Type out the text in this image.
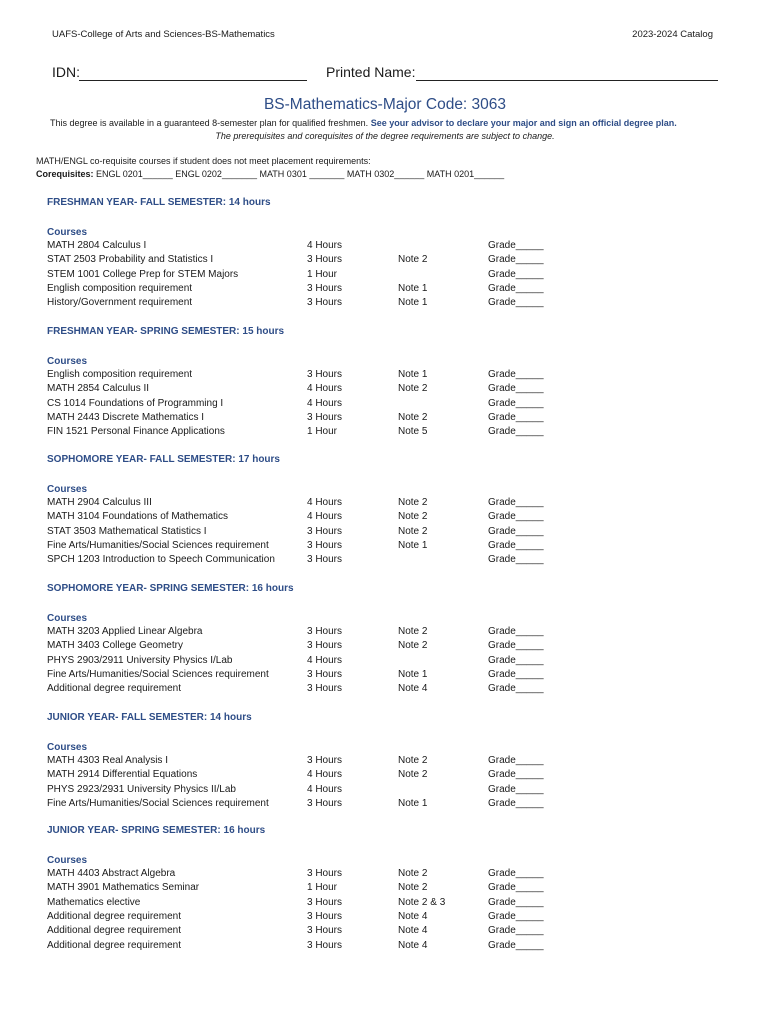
UAFS-College of Arts and Sciences-BS-Mathematics	2023-2024 Catalog
IDN:	Printed Name:
BS-Mathematics-Major Code: 3063
This degree is available in a guaranteed 8-semester plan for qualified freshmen. See your advisor to declare your major and sign an official degree plan.
The prerequisites and corequisites of the degree requirements are subject to change.
MATH/ENGL co-requisite courses if student does not meet placement requirements:
Corequisites: ENGL 0201______ ENGL 0202_______ MATH 0301 _______ MATH 0302______ MATH 0201______
FRESHMAN YEAR- FALL SEMESTER: 14 hours
Courses
MATH 2804 Calculus I	4 Hours	Grade_____
STAT 2503 Probability and Statistics I	3 Hours	Note 2	Grade_____
STEM 1001 College Prep for STEM Majors	1 Hour	Grade_____
English composition requirement	3 Hours	Note 1	Grade_____
History/Government requirement	3 Hours	Note 1	Grade_____
FRESHMAN YEAR- SPRING SEMESTER: 15 hours
Courses
English composition requirement	3 Hours	Note 1	Grade_____
MATH 2854 Calculus II	4 Hours	Note 2	Grade_____
CS 1014 Foundations of Programming I	4 Hours	Grade_____
MATH 2443 Discrete Mathematics I	3 Hours	Note 2	Grade_____
FIN 1521 Personal Finance Applications	1 Hour	Note 5	Grade_____
SOPHOMORE YEAR- FALL SEMESTER: 17 hours
Courses
MATH 2904 Calculus III	4 Hours	Note 2	Grade_____
MATH 3104 Foundations of Mathematics	4 Hours	Note 2	Grade_____
STAT 3503 Mathematical Statistics I	3 Hours	Note 2	Grade_____
Fine Arts/Humanities/Social Sciences requirement	3 Hours	Note 1	Grade_____
SPCH 1203 Introduction to Speech Communication	3 Hours	Grade_____
SOPHOMORE YEAR- SPRING SEMESTER: 16 hours
Courses
MATH 3203 Applied Linear Algebra	3 Hours	Note 2	Grade_____
MATH 3403 College Geometry	3 Hours	Note 2	Grade_____
PHYS 2903/2911 University Physics I/Lab	4 Hours	Grade_____
Fine Arts/Humanities/Social Sciences requirement	3 Hours	Note 1	Grade_____
Additional degree requirement	3 Hours	Note 4	Grade_____
JUNIOR YEAR- FALL SEMESTER: 14 hours
Courses
MATH 4303 Real Analysis I	3 Hours	Note 2	Grade_____
MATH 2914 Differential Equations	4 Hours	Note 2	Grade_____
PHYS 2923/2931 University Physics II/Lab	4 Hours	Grade_____
Fine Arts/Humanities/Social Sciences requirement	3 Hours	Note 1	Grade_____
JUNIOR YEAR- SPRING SEMESTER: 16 hours
Courses
MATH 4403 Abstract Algebra	3 Hours	Note 2	Grade_____
MATH 3901 Mathematics Seminar	1 Hour	Note 2	Grade_____
Mathematics elective	3 Hours	Note 2 & 3	Grade_____
Additional degree requirement	3 Hours	Note 4	Grade_____
Additional degree requirement	3 Hours	Note 4	Grade_____
Additional degree requirement	3 Hours	Note 4	Grade_____
